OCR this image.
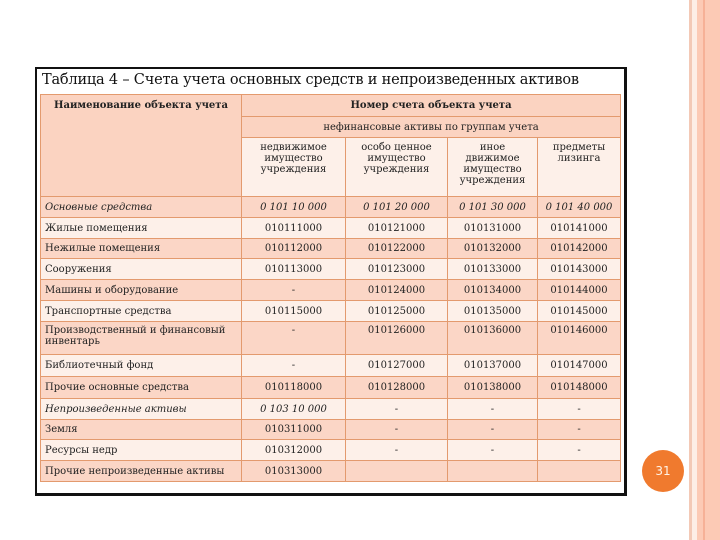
Таблица 4 – Счета учета основных средств и непроизведенных активов
Наименование объекта учета	Номер счета объекта учета			
	нефинансовые активы по группам учета			
	недвижимое имущество учреждения	особо ценное имущество учреждения	иное движимое имущество учреждения	предметы лизинга
Основные средства	0 101 10 000	0 101 20 000	0 101 30 000	0 101 40 000
Жилые помещения	010111000	010121000	010131000	010141000
Нежилые помещения	010112000	010122000	010132000	010142000
Сооружения	010113000	010123000	010133000	010143000
Машины и оборудование	-	010124000	010134000	010144000
Транспортные средства	010115000	010125000	010135000	010145000
Производственный и финансовый инвентарь	-	010126000	010136000	010146000
Библиотечный фонд	-	010127000	010137000	010147000
Прочие основные средства	010118000	010128000	010138000	010148000
Непроизведенные активы	0 103 10 000	-	-	-
Земля	010311000	-	-	-
Ресурсы недр	010312000	-	-	-
Прочие непроизведенные активы	010313000				31
